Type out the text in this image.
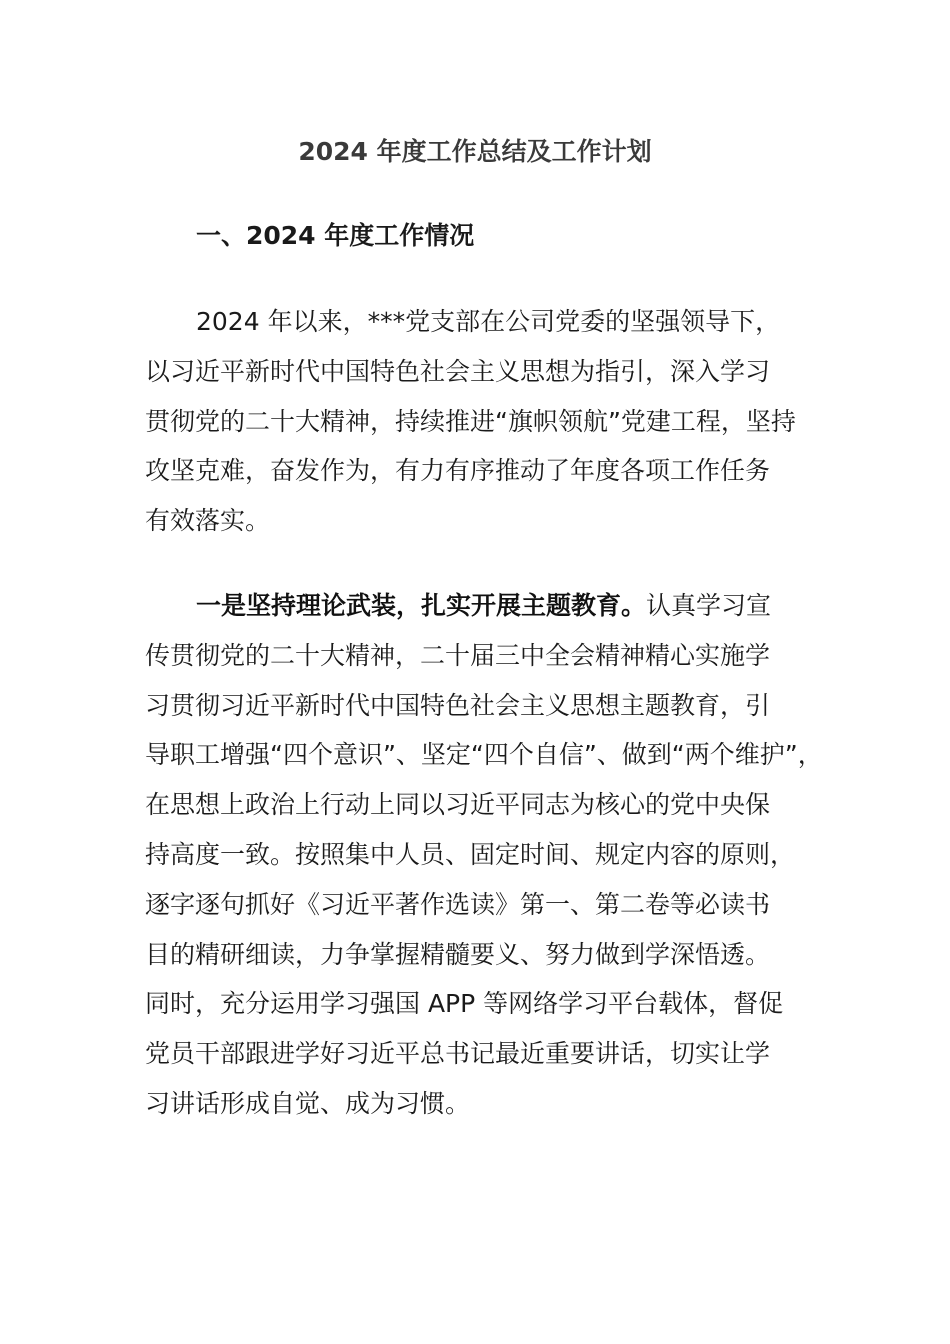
2024 年度工作总结及工作计划
一、2024 年度工作情况
2024 年以来，***党支部在公司党委的坚强领导下，
以习近平新时代中国特色社会主义思想为指引，深入学习
贯彻党的二十大精神，持续推进“旗帜领航”党建工程，坚持
攻坚克难，奋发作为，有力有序推动了年度各项工作任务
有效落实。
一是坚持理论武装，扎实开展主题教育。认真学习宣
传贯彻党的二十大精神，二十届三中全会精神精心实施学
习贯彻习近平新时代中国特色社会主义思想主题教育，引
导职工增强“四个意识”、坚定“四个自信”、做到“两个维护”，
在思想上政治上行动上同以习近平同志为核心的党中央保
持高度一致。按照集中人员、固定时间、规定内容的原则，
逐字逐句抓好《习近平著作选读》第一、第二卷等必读书
目的精研细读，力争掌握精髓要义、努力做到学深悟透。
同时，充分运用学习强国 APP 等网络学习平台载体，督促
党员干部跟进学好习近平总书记最近重要讲话，切实让学
习讲话形成自觉、成为习惯。
